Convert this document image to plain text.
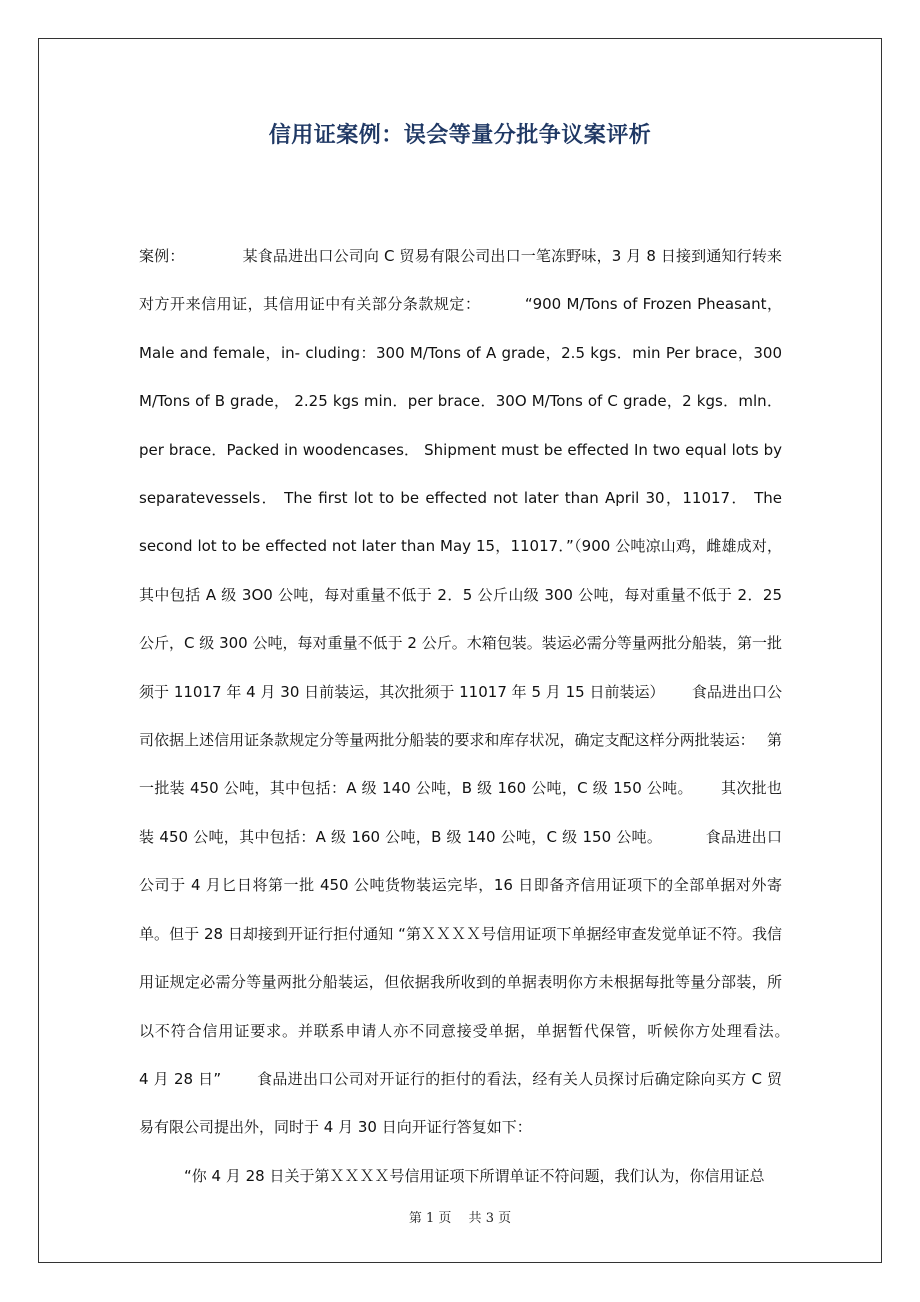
信用证案例：误会等量分批争议案评析

案例：　　　　 某食品进出口公司向 C 贸易有限公司出口一笔冻野味，3 月 8 日接到通知行转来对方开来信用证，其信用证中有关部分条款规定：　　　 “900 M/Tons of Frozen Pheasant，Male and female，in- cluding：300 M/Tons of A grade，2.5 kgs．min Per brace，300 M/Tons of B grade， 2.25 kgs min．per brace．30O M/Tons of C grade，2 kgs．mln．per brace．Packed in woodencases． Shipment must be effected In two equal lots by separatevessels． The first lot to be effected not later than April 30，11017． The second lot to be effected not later than May 15，11017．”（900 公吨凉山鸡，雌雄成对，其中包括 A 级 3O0 公吨，每对重量不低于 2．5 公斤山级 300 公吨，每对重量不低于 2．25 公斤，C 级 300 公吨，每对重量不低于 2 公斤。木箱包装。装运必需分等量两批分船装，第一批须于 11017 年 4 月 30 日前装运，其次批须于 11017 年 5 月 15 日前装运）　　 食品进出口公司依据上述信用证条款规定分等量两批分船装的要求和库存状况，确定支配这样分两批装运：　 第一批装 450 公吨，其中包括：A 级 140 公吨，B 级 160 公吨，C 级 150 公吨。　　 其次批也装 450 公吨，其中包括：A 级 160 公吨，B 级 140 公吨，C 级 150 公吨。　　　 食品进出口公司于 4 月匕日将第一批 450 公吨货物装运完毕，16 日即备齐信用证项下的全部单据对外寄单。但于 28 日却接到开证行拒付通知 “第ＸＸＸＸ号信用证项下单据经审查发觉单证不符。我信用证规定必需分等量两批分船装运，但依据我所收到的单据表明你方未根据每批等量分部装，所以不符合信用证要求。并联系申请人亦不同意接受单据，单据暂代保管，听候你方处理看法。　　　 4 月 28 日”　　 食品进出口公司对开证行的拒付的看法，经有关人员探讨后确定除向买方 C 贸易有限公司提出外，同时于 4 月 30 日向开证行答复如下：

　　　“你 4 月 28 日关于第ＸＸＸＸ号信用证项下所谓单证不符问题，我们认为，你信用证总

第 1 页　 共 3 页
